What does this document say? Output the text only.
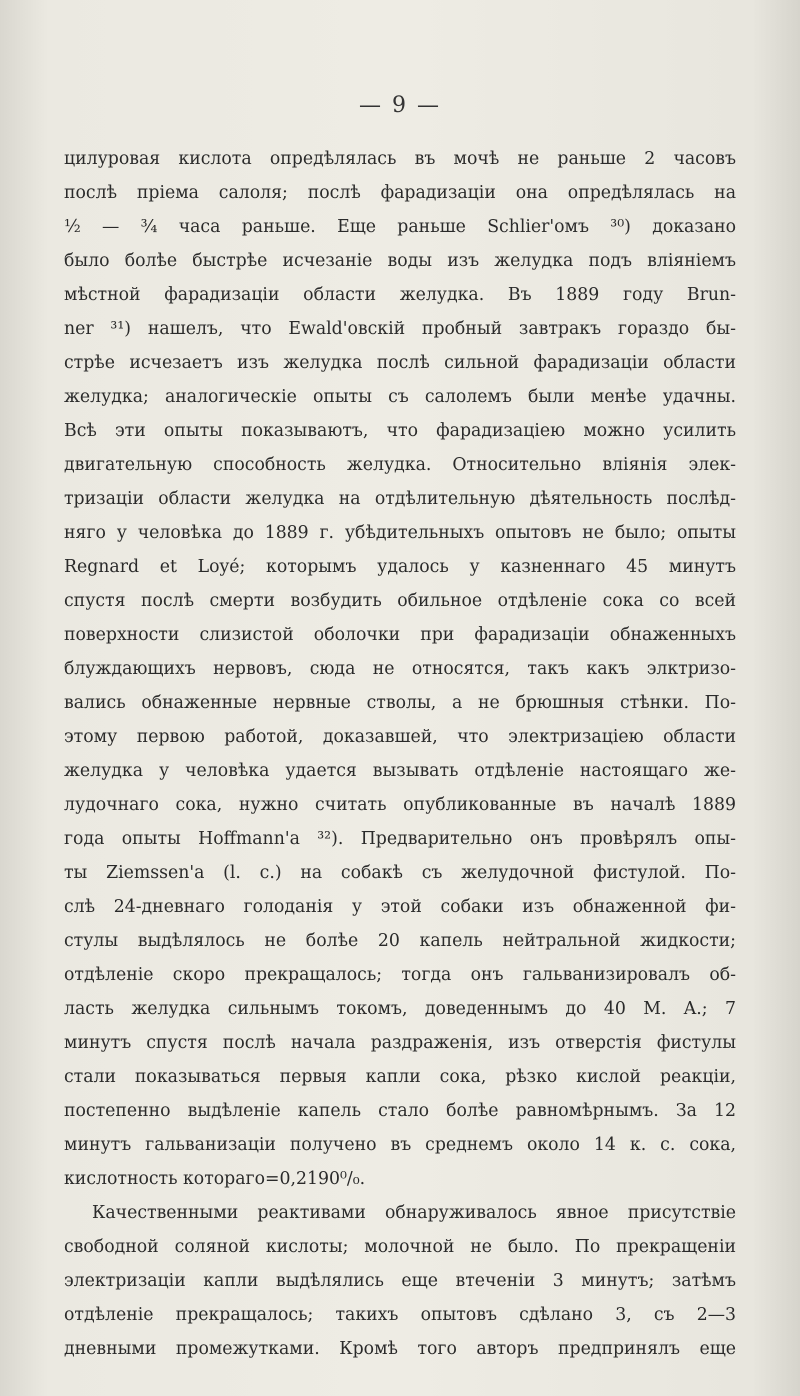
— 9 —
цилуровая кислота опредѣлялась въ мочѣ не раньше 2 часовъ
послѣ пріема салоля; послѣ фарадизаціи она опредѣлялась на
½ — ¾ часа раньше. Еще раньше Schlier'омъ ³⁰) доказано
было болѣе быстрѣе исчезаніе воды изъ желудка подъ вліяніемъ
мѣстной фарадизаціи области желудка. Въ 1889 году Brun-
ner ³¹) нашелъ, что Ewald'овскій пробный завтракъ гораздо бы-
стрѣе исчезаетъ изъ желудка послѣ сильной фарадизаціи области
желудка; аналогическіе опыты съ салолемъ были менѣе удачны.
Всѣ эти опыты показываютъ, что фарадизаціею можно усилить
двигательную способность желудка. Относительно вліянія элек-
тризаціи области желудка на отдѣлительную дѣятельность послѣд-
няго у человѣка до 1889 г. убѣдительныхъ опытовъ не было; опыты
Regnard et Loyé; которымъ удалось у казненнаго 45 минутъ
спустя послѣ смерти возбудить обильное отдѣленіе сока со всей
поверхности слизистой оболочки при фарадизаціи обнаженныхъ
блуждающихъ нервовъ, сюда не относятся, такъ какъ элктризо-
вались обнаженные нервные стволы, а не брюшныя стѣнки. По-
этому первою работой, доказавшей, что электризаціею области
желудка у человѣка удается вызывать отдѣленіе настоящаго же-
лудочнаго сока, нужно считать опубликованные въ началѣ 1889
года опыты Hoffmann'а ³²). Предварительно онъ провѣрялъ опы-
ты Ziemssen'а (l. c.) на собакѣ съ желудочной фистулой. По-
слѣ 24-дневнаго голоданія у этой собаки изъ обнаженной фи-
стулы выдѣлялось не болѣе 20 капель нейтральной жидкости;
отдѣленіе скоро прекращалось; тогда онъ гальванизировалъ об-
ласть желудка сильнымъ токомъ, доведеннымъ до 40 M. A.; 7
минутъ спустя послѣ начала раздраженія, изъ отверстія фистулы
стали показываться первыя капли сока, рѣзко кислой реакціи,
постепенно выдѣленіе капель стало болѣе равномѣрнымъ. За 12
минутъ гальванизаціи получено въ среднемъ около 14 к. с. сока,
кислотность котораго=0,2190⁰/₀.
Качественными реактивами обнаруживалось явное присутствіе
свободной соляной кислоты; молочной не было. По прекращеніи
электризаціи капли выдѣлялись еще втеченіи 3 минутъ; затѣмъ
отдѣленіе прекращалось; такихъ опытовъ сдѣлано 3, съ 2—3
дневными промежутками. Кромѣ того авторъ предпринялъ еще
